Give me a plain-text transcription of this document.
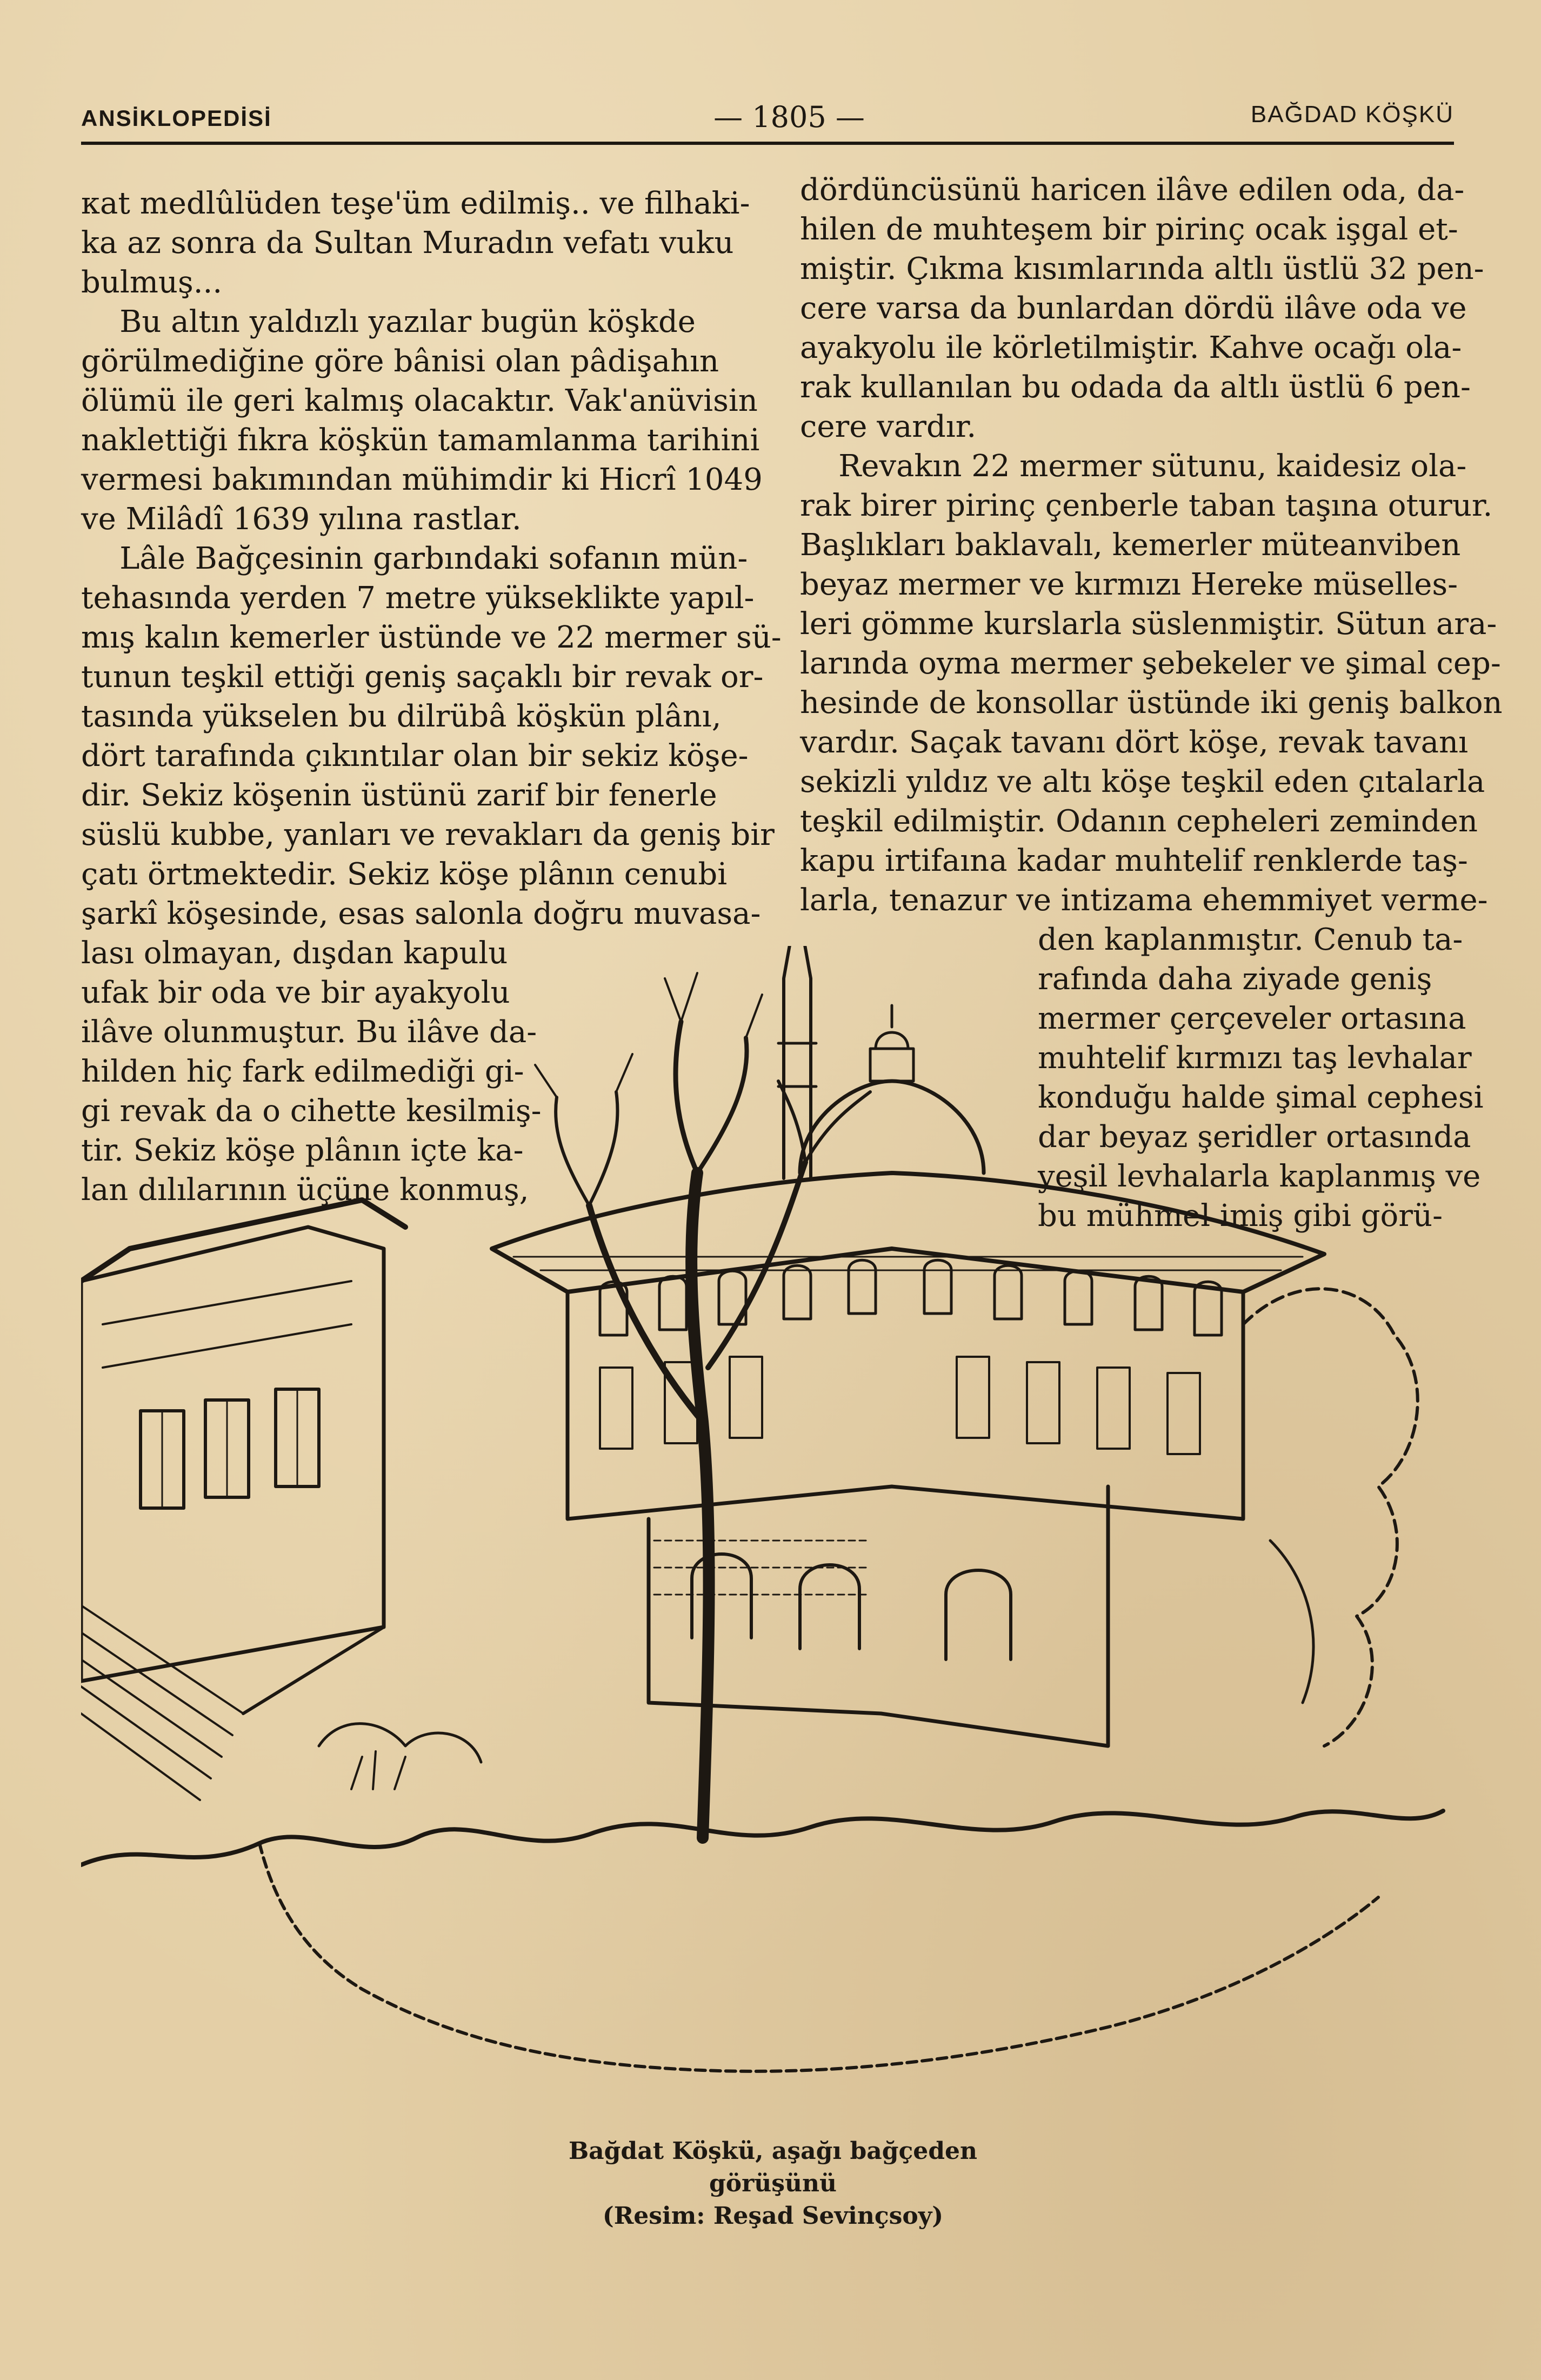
ANSİKLOPEDİSİ	— 1805 —	BAĞDAD KÖŞKÜ

кat medlûlüden teşe'üm edilmiş.. ve filhaki-

ka az sonra da Sultan Muradın vefatı vuku

bulmuş...

Bu altın yaldızlı yazılar bugün köşkde

görülmediğine göre bânisi olan pâdişahın

ölümü ile geri kalmış olacaktır. Vak'anüvisin

naklettiği fıkra köşkün tamamlanma tarihini

vermesi bakımından mühimdir ki Hicrî 1049

ve Milâdî 1639 yılına rastlar.

Lâle Bağçesinin garbındaki sofanın mün-

tehasında yerden 7 metre yükseklikte yapıl-

mış kalın kemerler üstünde ve 22 mermer sü-

tunun teşkil ettiği geniş saçaklı bir revak or-

tasında yükselen bu dilrübâ köşkün plânı,

dört tarafında çıkıntılar olan bir sekiz köşe-

dir. Sekiz köşenin üstünü zarif bir fenerle

süslü kubbe, yanları ve revakları da geniş bir

çatı örtmektedir. Sekiz köşe plânın cenubi

şarkî köşesinde, esas salonla doğru muvasa-

lası olmayan, dışdan kapulu

ufak bir oda ve bir ayakyolu

ilâve olunmuştur. Bu ilâve da-

hilden hiç fark edilmediği gi-

gi revak da o cihette kesilmiş-

tir. Sekiz köşe plânın içte ka-

lan dılılarının üçüne konmuş,

dördüncüsünü haricen ilâve edilen oda, da-

hilen de muhteşem bir pirinç ocak işgal et-

miştir. Çıkma kısımlarında altlı üstlü 32 pen-

cere varsa da bunlardan dördü ilâve oda ve

ayakyolu ile körletilmiştir. Kahve ocağı ola-

rak kullanılan bu odada da altlı üstlü 6 pen-

cere vardır.

Revakın 22 mermer sütunu, kaidesiz ola-

rak birer pirinç çenberle taban taşına oturur.

Başlıkları baklavalı, kemerler müteanviben

beyaz mermer ve kırmızı Hereke müselles-

leri gömme kurslarla süslenmiştir. Sütun ara-

larında oyma mermer şebekeler ve şimal cep-

hesinde de konsollar üstünde iki geniş balkon

vardır. Saçak tavanı dört köşe, revak tavanı

sekizli yıldız ve altı köşe teşkil eden çıtalarla

teşkil edilmiştir. Odanın cepheleri zeminden

kapu irtifaına kadar muhtelif renklerde taş-

larla, tenazur ve intizama ehemmiyet verme-

den kaplanmıştır. Cenub ta-

rafında daha ziyade geniş

mermer çerçeveler ortasına

muhtelif kırmızı taş levhalar

konduğu halde şimal cephesi

dar beyaz şeridler ortasında

yeşil levhalarla kaplanmış ve

bu mühmel imiş gibi görü-

Bağdat Köşkü, aşağı bağçeden görüşünü
(Resim: Reşad Sevinçsoy)
